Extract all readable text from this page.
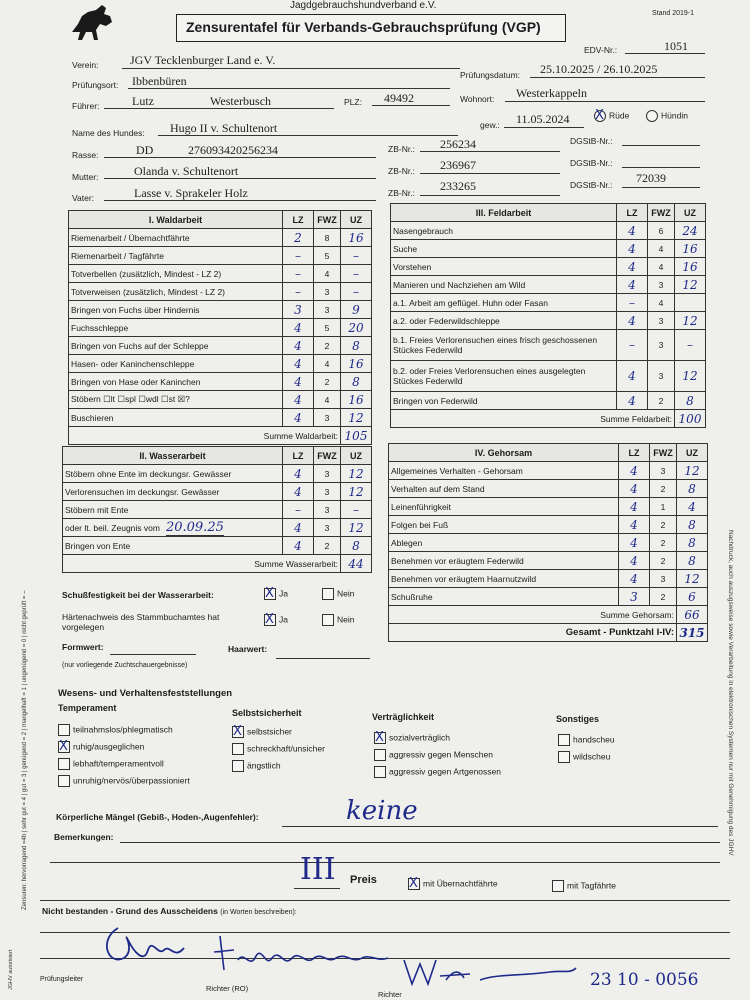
Jagdgebrauchshundverband e.V.
Stand 2019-1
Zensurentafel für Verbands-Gebrauchsprüfung (VGP)
Verein:	JGV Tecklenburger Land e. V.
EDV-Nr.:	1051
Prüfungsort: Ibbenbüren	Prüfungsdatum: 25.10.2025 / 26.10.2025
Führer:	Lutz	Westerbusch	PLZ: 49492	Wohnort: Westerkappeln
Name des Hundes: Hugo II v. Schultenort	gew.: 11.05.2024 X	Rüde	Hündin
Rasse:	DD	276093420256234	ZB-Nr.: 256234	DGStB-Nr.:
Mutter:	Olanda v. Schultenort	ZB-Nr.: 236967	DGStB-Nr.:
Vater:	Lasse v. Sprakeler Holz	ZB-Nr.: 233265	DGStB-Nr.: 72039
I. Waldarbeit	LZ	FWZ	UZ
Riemenarbeit / Übernachtfährte	2	8	16
Riemenarbeit / Tagfährte	–	5	–
Totverbellen (zusätzlich, Mindest - LZ 2)	–	4	–
Totverweisen (zusätzlich, Mindest - LZ 2)	–	3	–
Bringen von Fuchs über Hindernis	3	3	9
Fuchsschleppe	4	5	20
Bringen von Fuchs auf der Schleppe	4	2	8
Hasen- oder Kaninchenschleppe	4	4	16
Bringen von Hase oder Kaninchen	4	2	8
Stöbern ☐lt ☐spl ☐wdl ☐st ☒?	4	4	16
Buschieren	4	3	12
Summe Waldarbeit:			105
III. Feldarbeit	LZ	FWZ	UZ
Nasengebrauch	4	6	24
Suche	4	4	16
Vorstehen	4	4	16
Manieren und Nachziehen am Wild	4	3	12
a.1. Arbeit am geflügel. Huhn oder Fasan	–	4	
a.2. oder Federwildschleppe	4	3	12
b.1. Freies Verlorensuchen eines frisch geschossenen Stückes Federwild	–	3	–
b.2. oder Freies Verlorensuchen eines ausgelegten Stückes Federwild	4	3	12
Bringen von Federwild	4	2	8
Summe Feldarbeit:			100
II. Wasserarbeit	LZ	FWZ	UZ
Stöbern ohne Ente im deckungsr. Gewässer	4	3	12
Verlorensuchen im deckungsr. Gewässer	4	3	12
Stöbern mit Ente	–	3	–
oder lt. beil. Zeugnis vom 20.09.25	4	3	12
Bringen von Ente	4	2	8
Summe Wasserarbeit:			44
IV. Gehorsam	LZ	FWZ	UZ
Allgemeines Verhalten - Gehorsam	4	3	12
Verhalten auf dem Stand	4	2	8
Leinenführigkeit	4	1	4
Folgen bei Fuß	4	2	8
Ablegen	4	2	8
Benehmen vor eräugtem Federwild	4	2	8
Benehmen vor eräugtem Haarnutzwild	4	3	12
Schußruhe	3	2	6
Summe Gehorsam:			66
Gesamt - Punktzahl I-IV:			315
Schußfestigkeit bei der Wasserarbeit: X	Ja	Nein
Härtenachweis des Stammbuchamtes hat vorgelegen
XJa	Nein
Formwert:	Haarwert:
(nur vorliegende Zuchtschauergebnisse)
Wesens- und Verhaltensfeststellungen
Temperament	Selbstsicherheit	Verträglichkeit	Sonstiges
teilnahmslos/phlegmatisch
Xruhig/ausgeglichen
lebhaft/temperamentvoll
unruhig/nervös/überpassioniert
Xselbstsicher
schreckhaft/unsicher
ängstlich
Xsozialverträglich
aggressiv gegen Menschen
aggressiv gegen Artgenossen
handscheu
wildscheu
Körperliche Mängel (Gebiß-, Hoden-,Augenfehler):	keine
Bemerkungen:
III Preis X	mit Übernachtfährte	mit Tagfährte
Nicht bestanden - Grund des Ausscheidens (in Worten beschreiben):
23 10 - 0056
Prüfungsleiter
Richter (RO)
Richter
Zensuren: hervorragend =4h | sehr gut = 4 | gut = 3 | genügend = 2 | mangelhaft = 1 | ungenügend = 0 | nicht geprüft = –
JGHV autorisiert
Nachdruck, auch auszugsweise sowie Verarbeitung in elektronischen Systemen nur mit Genehmigung des JGHV
